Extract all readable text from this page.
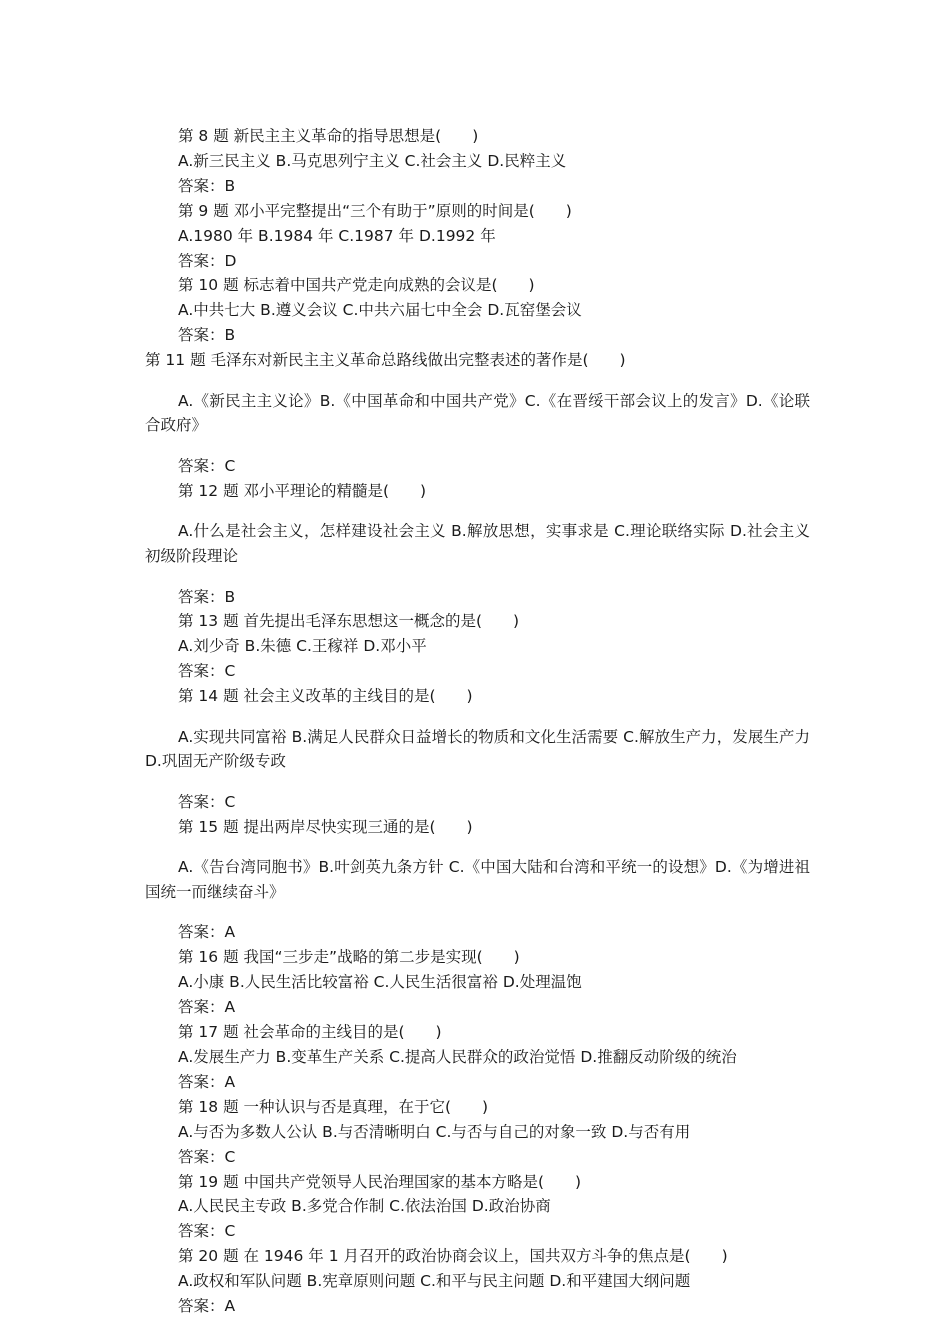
第 8 题 新民主主义革命的指导思想是(　　)

A.新三民主义 B.马克思列宁主义 C.社会主义 D.民粹主义

答案：B

第 9 题 邓小平完整提出“三个有助于”原则的时间是(　　)

A.1980 年 B.1984 年 C.1987 年 D.1992 年

答案：D

第 10 题 标志着中国共产党走向成熟的会议是(　　)

A.中共七大 B.遵义会议 C.中共六届七中全会 D.瓦窑堡会议

答案：B

第 11 题 毛泽东对新民主主义革命总路线做出完整表述的著作是(　　)

A.《新民主主义论》B.《中国革命和中国共产党》C.《在晋绥干部会议上的发言》D.《论联合政府》

答案：C

第 12 题 邓小平理论的精髓是(　　)

A.什么是社会主义，怎样建设社会主义 B.解放思想，实事求是 C.理论联络实际 D.社会主义初级阶段理论

答案：B

第 13 题 首先提出毛泽东思想这一概念的是(　　)

A.刘少奇 B.朱德 C.王稼祥 D.邓小平

答案：C

第 14 题 社会主义改革的主线目的是(　　)

A.实现共同富裕 B.满足人民群众日益增长的物质和文化生活需要 C.解放生产力，发展生产力 D.巩固无产阶级专政

答案：C

第 15 题 提出两岸尽快实现三通的是(　　)

A.《告台湾同胞书》B.叶剑英九条方针 C.《中国大陆和台湾和平统一的设想》D.《为增进祖国统一而继续奋斗》

答案：A

第 16 题 我国“三步走”战略的第二步是实现(　　)

A.小康 B.人民生活比较富裕 C.人民生活很富裕 D.处理温饱

答案：A

第 17 题 社会革命的主线目的是(　　)

A.发展生产力 B.变革生产关系 C.提高人民群众的政治觉悟 D.推翻反动阶级的统治

答案：A

第 18 题 一种认识与否是真理，在于它(　　)

A.与否为多数人公认 B.与否清晰明白 C.与否与自己的对象一致 D.与否有用

答案：C

第 19 题 中国共产党领导人民治理国家的基本方略是(　　)

A.人民民主专政 B.多党合作制 C.依法治国 D.政治协商

答案：C

第 20 题 在 1946 年 1 月召开的政治协商会议上，国共双方斗争的焦点是(　　)

A.政权和军队问题 B.宪章原则问题 C.和平与民主问题 D.和平建国大纲问题

答案：A
